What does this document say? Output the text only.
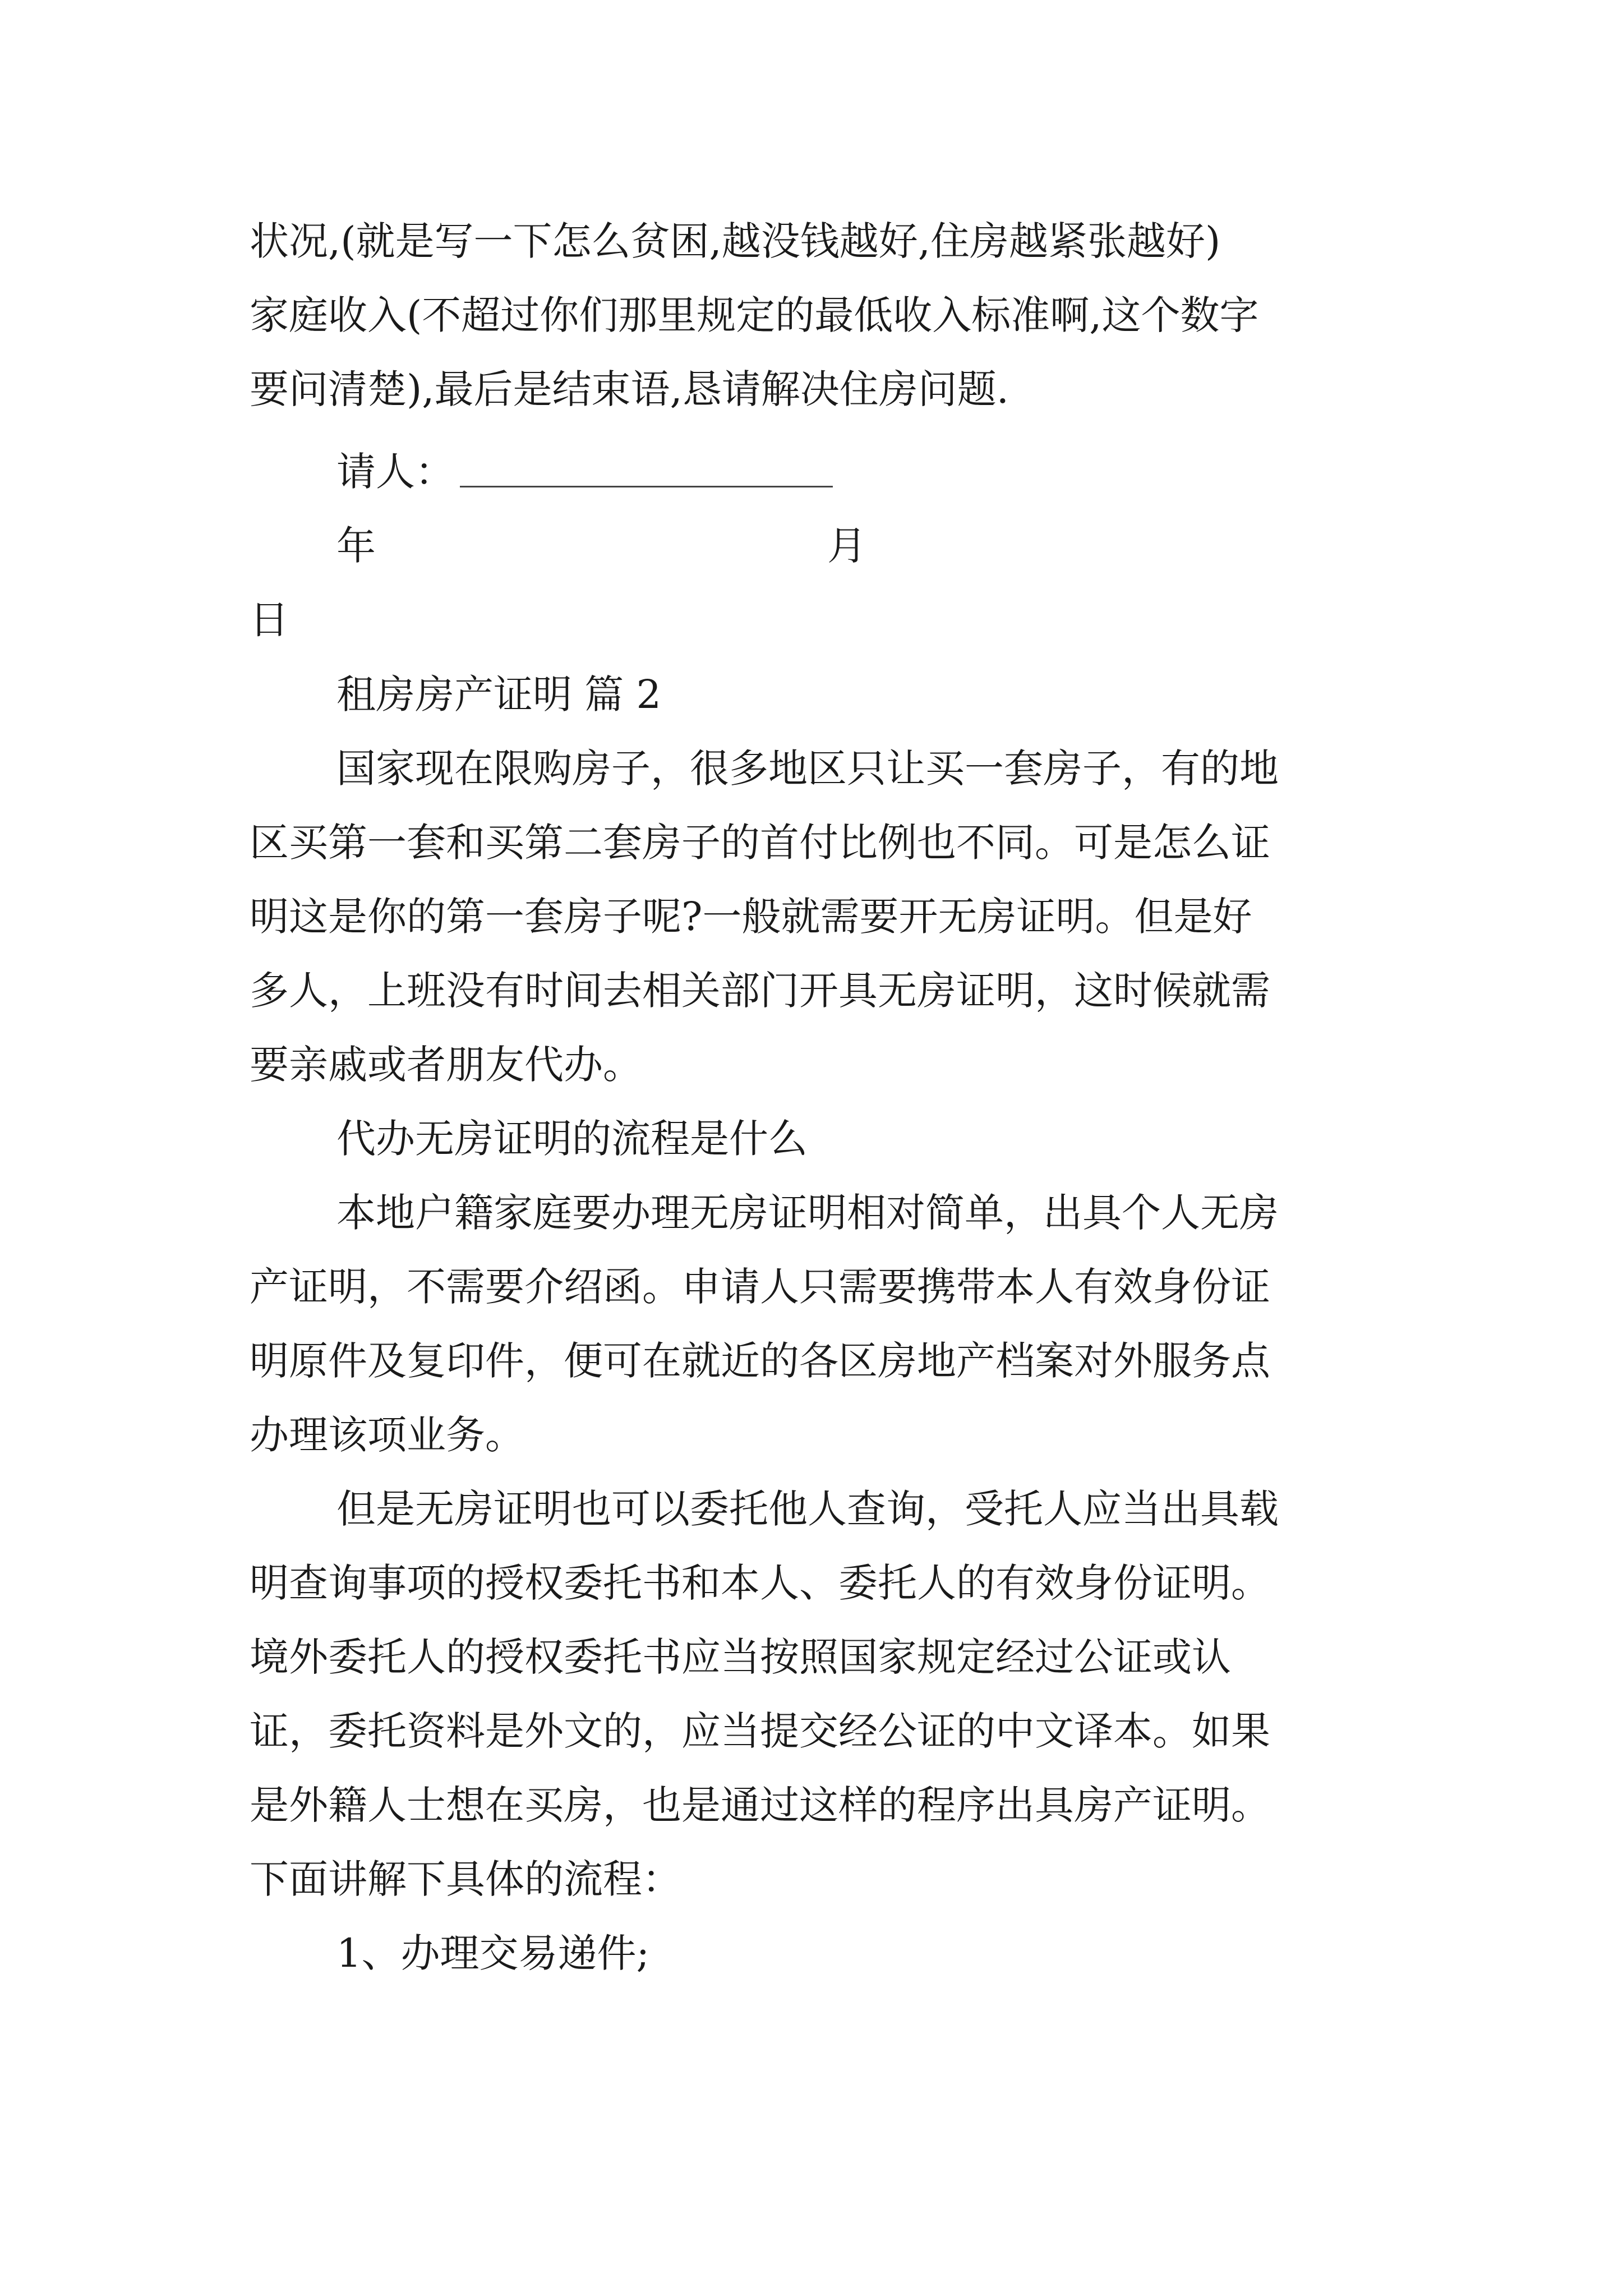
状况,(就是写一下怎么贫困,越没钱越好,住房越紧张越好)
家庭收入(不超过你们那里规定的最低收入标准啊,这个数字
要问清楚),最后是结束语,恳请解决住房问题.
请人：
年	月
日
租房房产证明 篇 2
国家现在限购房子，很多地区只让买一套房子，有的地
区买第一套和买第二套房子的首付比例也不同。可是怎么证
明这是你的第一套房子呢?一般就需要开无房证明。但是好
多人，上班没有时间去相关部门开具无房证明，这时候就需
要亲戚或者朋友代办。
代办无房证明的流程是什么
本地户籍家庭要办理无房证明相对简单，出具个人无房
产证明，不需要介绍函。申请人只需要携带本人有效身份证
明原件及复印件，便可在就近的各区房地产档案对外服务点
办理该项业务。
但是无房证明也可以委托他人查询，受托人应当出具载
明查询事项的授权委托书和本人、委托人的有效身份证明。
境外委托人的授权委托书应当按照国家规定经过公证或认
证，委托资料是外文的，应当提交经公证的中文译本。如果
是外籍人士想在买房，也是通过这样的程序出具房产证明。
下面讲解下具体的流程：
1、办理交易递件;
